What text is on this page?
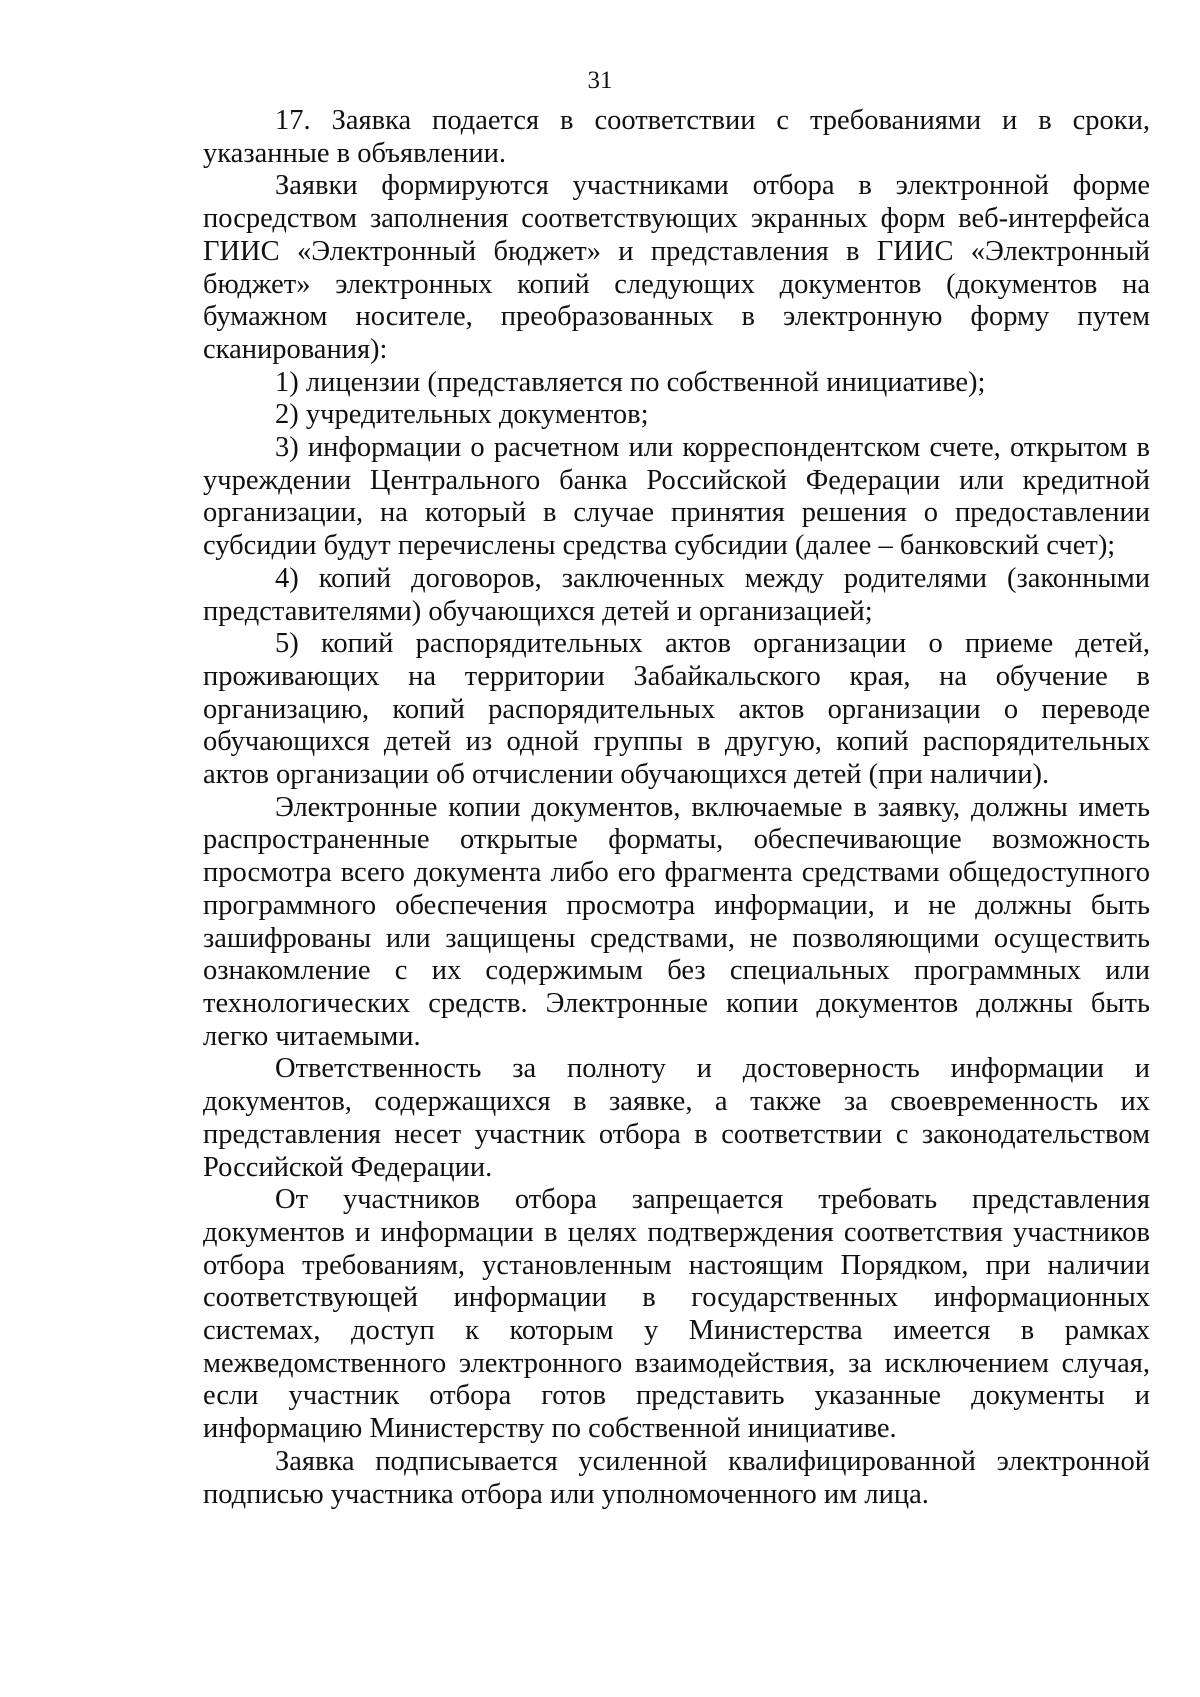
31

17. Заявка подается в соответствии с требованиями и в сроки, указанные в объявлении.

Заявки формируются участниками отбора в электронной форме посредством заполнения соответствующих экранных форм веб-интерфейса ГИИС «Электронный бюджет» и представления в ГИИС «Электронный бюджет» электронных копий следующих документов (документов на бумажном носителе, преобразованных в электронную форму путем сканирования):

1) лицензии (представляется по собственной инициативе);

2) учредительных документов;

3) информации о расчетном или корреспондентском счете, открытом в учреждении Центрального банка Российской Федерации или кредитной организации, на который в случае принятия решения о предоставлении субсидии будут перечислены средства субсидии (далее – банковский счет);

4) копий договоров, заключенных между родителями (законными представителями) обучающихся детей и организацией;

5) копий распорядительных актов организации о приеме детей, проживающих на территории Забайкальского края, на обучение в организацию, копий распорядительных актов организации о переводе обучающихся детей из одной группы в другую, копий распорядительных актов организации об отчислении обучающихся детей (при наличии).

Электронные копии документов, включаемые в заявку, должны иметь распространенные открытые форматы, обеспечивающие возможность просмотра всего документа либо его фрагмента средствами общедоступного программного обеспечения просмотра информации, и не должны быть зашифрованы или защищены средствами, не позволяющими осуществить ознакомление с их содержимым без специальных программных или технологических средств. Электронные копии документов должны быть легко читаемыми.

Ответственность за полноту и достоверность информации и документов, содержащихся в заявке, а также за своевременность их представления несет участник отбора в соответствии с законодательством Российской Федерации.

От участников отбора запрещается требовать представления документов и информации в целях подтверждения соответствия участников отбора требованиям, установленным настоящим Порядком, при наличии соответствующей информации в государственных информационных системах, доступ к которым у Министерства имеется в рамках межведомственного электронного взаимодействия, за исключением случая, если участник отбора готов представить указанные документы и информацию Министерству по собственной инициативе.

Заявка подписывается усиленной квалифицированной электронной подписью участника отбора или уполномоченного им лица.
